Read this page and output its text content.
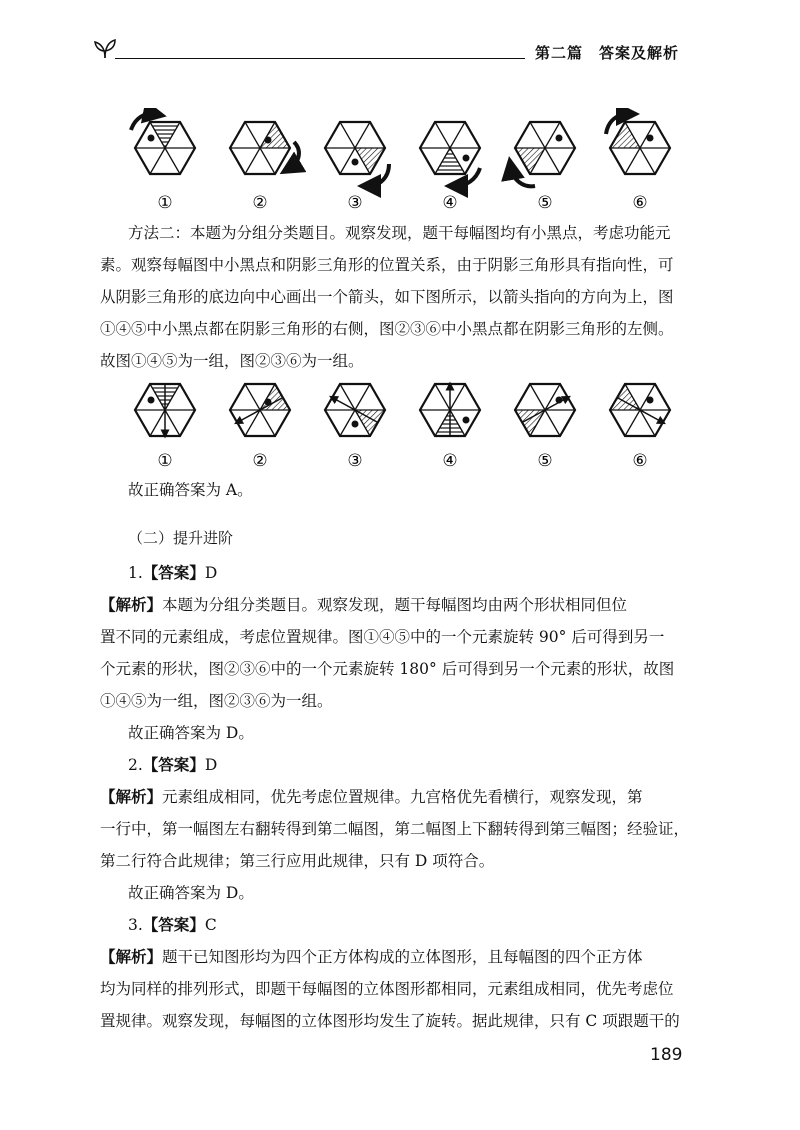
第二篇　答案及解析
①	②	③	④	⑤	⑥

方法二：本题为分组分类题目。观察发现，题干每幅图均有小黑点，考虑功能元

素。观察每幅图中小黑点和阴影三角形的位置关系，由于阴影三角形具有指向性，可

从阴影三角形的底边向中心画出一个箭头，如下图所示，以箭头指向的方向为上，图

①④⑤中小黑点都在阴影三角形的右侧，图②③⑥中小黑点都在阴影三角形的左侧。

故图①④⑤为一组，图②③⑥为一组。

①	②	③	④	⑤	⑥

故正确答案为 A。

（二）提升进阶

1.【答案】D

【解析】本题为分组分类题目。观察发现，题干每幅图均由两个形状相同但位

置不同的元素组成，考虑位置规律。图①④⑤中的一个元素旋转 90° 后可得到另一

个元素的形状，图②③⑥中的一个元素旋转 180° 后可得到另一个元素的形状，故图

①④⑤为一组，图②③⑥为一组。

故正确答案为 D。

2.【答案】D

【解析】元素组成相同，优先考虑位置规律。九宫格优先看横行，观察发现，第

一行中，第一幅图左右翻转得到第二幅图，第二幅图上下翻转得到第三幅图；经验证，

第二行符合此规律；第三行应用此规律，只有 D 项符合。

故正确答案为 D。

3.【答案】C

【解析】题干已知图形均为四个正方体构成的立体图形，且每幅图的四个正方体

均为同样的排列形式，即题干每幅图的立体图形都相同，元素组成相同，优先考虑位

置规律。观察发现，每幅图的立体图形均发生了旋转。据此规律，只有 C 项跟题干的

189
